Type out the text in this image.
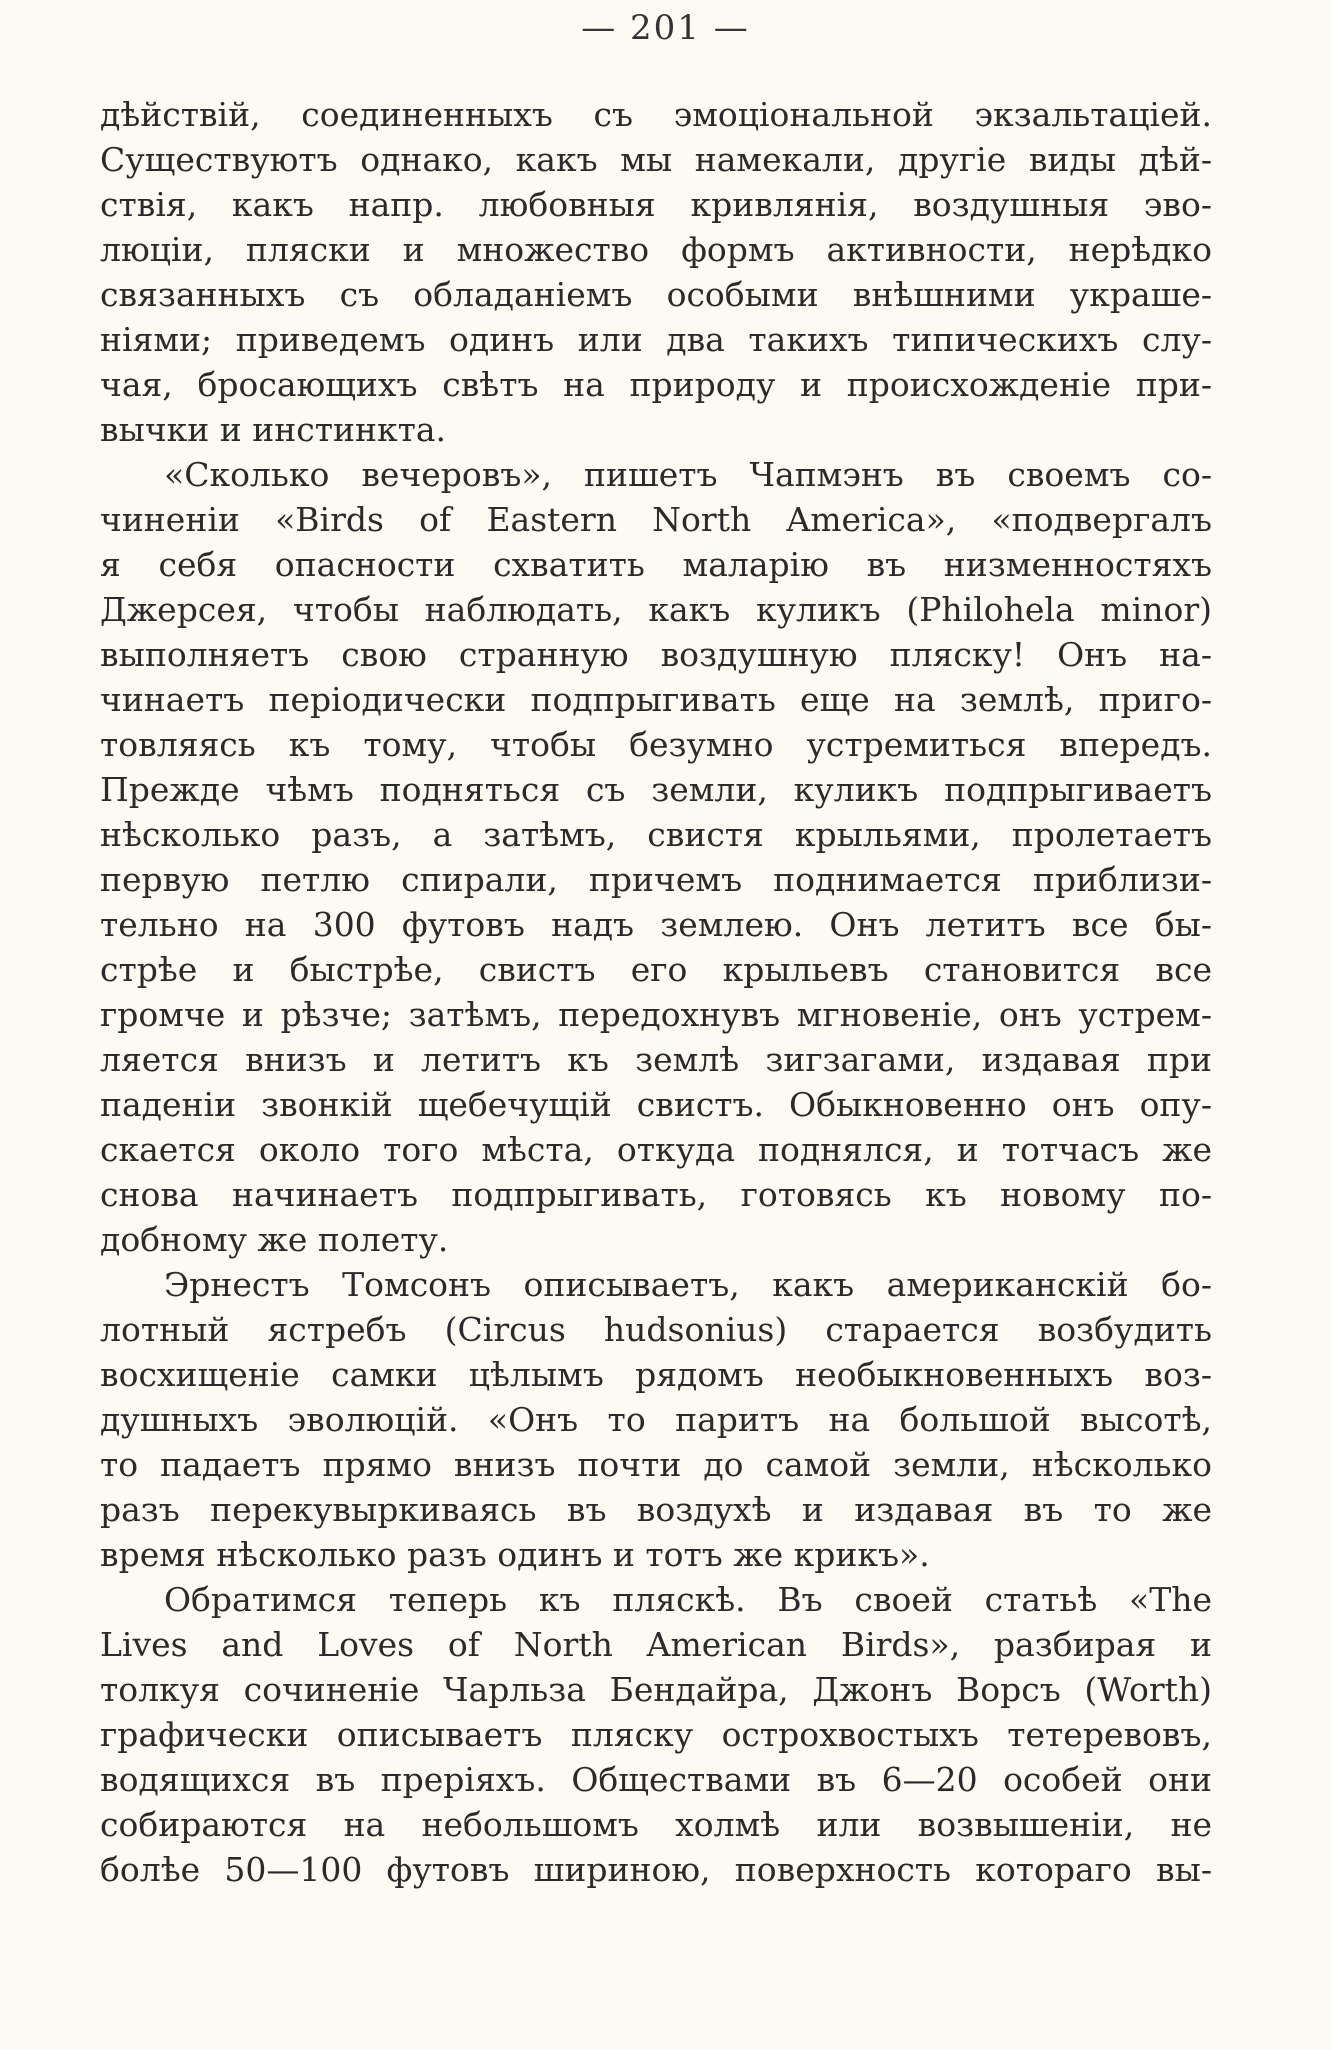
— 201 —
дѣйствій, соединенныхъ съ эмоціональной экзальтаціей.
Существуютъ однако, какъ мы намекали, другіе виды дѣй-
ствія, какъ напр. любовныя кривлянія, воздушныя эво-
люціи, пляски и множество формъ активности, нерѣдко
связанныхъ съ обладаніемъ особыми внѣшними украше-
ніями; приведемъ одинъ или два такихъ типическихъ слу-
чая, бросающихъ свѣтъ на природу и происхожденіе при-
вычки и инстинкта.
«Сколько вечеровъ», пишетъ Чапмэнъ въ своемъ со-
чиненіи «Birds of Eastern North America», «подвергалъ
я себя опасности схватить маларію въ низменностяхъ
Джерсея, чтобы наблюдать, какъ куликъ (Philohela minor)
выполняетъ свою странную воздушную пляску! Онъ на-
чинаетъ періодически подпрыгивать еще на землѣ, приго-
товляясь къ тому, чтобы безумно устремиться впередъ.
Прежде чѣмъ подняться съ земли, куликъ подпрыгиваетъ
нѣсколько разъ, а затѣмъ, свистя крыльями, пролетаетъ
первую петлю спирали, причемъ поднимается приблизи-
тельно на 300 футовъ надъ землею. Онъ летитъ все бы-
стрѣе и быстрѣе, свистъ его крыльевъ становится все
громче и рѣзче; затѣмъ, передохнувъ мгновеніе, онъ устрем-
ляется внизъ и летитъ къ землѣ зигзагами, издавая при
паденіи звонкій щебечущій свистъ. Обыкновенно онъ опу-
скается около того мѣста, откуда поднялся, и тотчасъ же
снова начинаетъ подпрыгивать, готовясь къ новому по-
добному же полету.
Эрнестъ Томсонъ описываетъ, какъ американскій бо-
лотный ястребъ (Circus hudsonius) старается возбудить
восхищеніе самки цѣлымъ рядомъ необыкновенныхъ воз-
душныхъ эволюцій. «Онъ то паритъ на большой высотѣ,
то падаетъ прямо внизъ почти до самой земли, нѣсколько
разъ перекувыркиваясь въ воздухѣ и издавая въ то же
время нѣсколько разъ одинъ и тотъ же крикъ».
Обратимся теперь къ пляскѣ. Въ своей статьѣ «The
Lives and Loves of North American Birds», разбирая и
толкуя сочиненіе Чарльза Бендайра, Джонъ Ворсъ (Worth)
графически описываетъ пляску острохвостыхъ тетеревовъ,
водящихся въ преріяхъ. Обществами въ 6—20 особей они
собираются на небольшомъ холмѣ или возвышеніи, не
болѣе 50—100 футовъ шириною, поверхность котораго вы-
